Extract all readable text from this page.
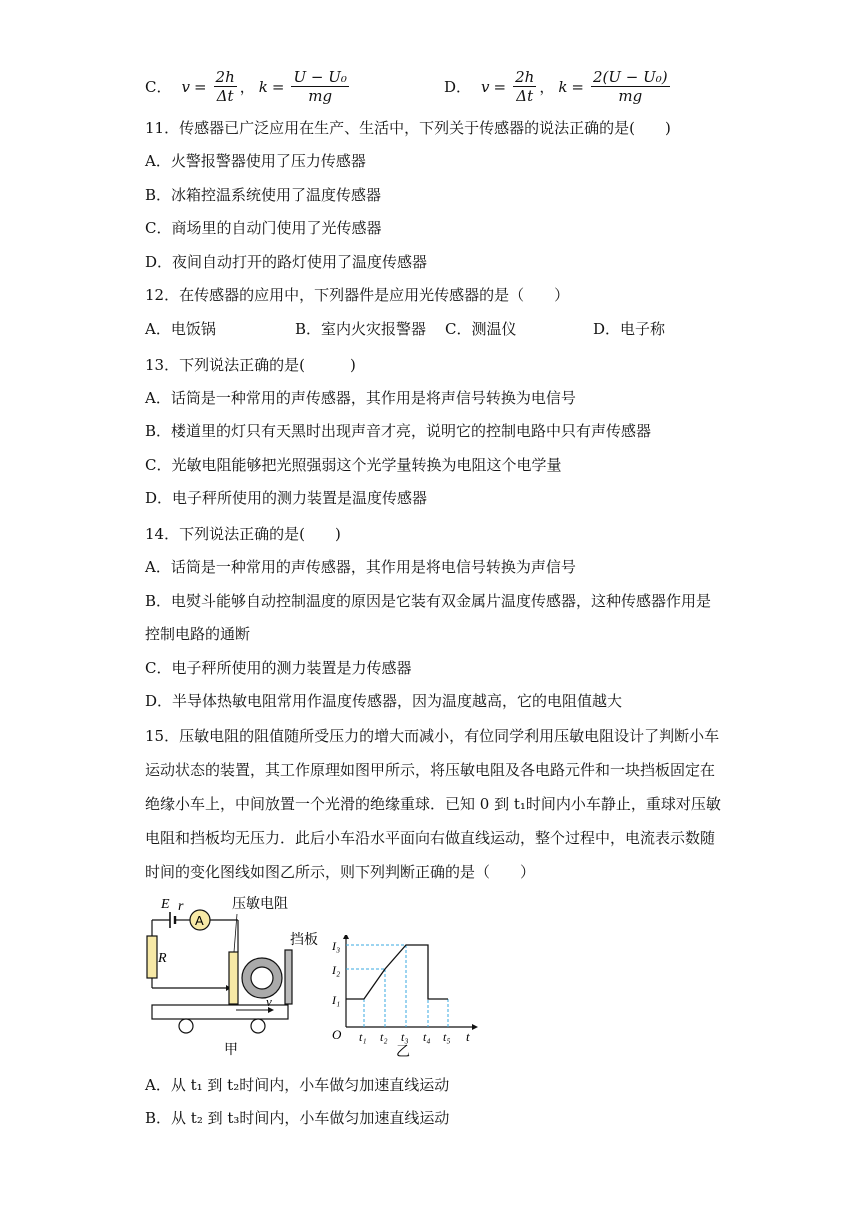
C． $v = \frac{2h}{\Delta t}$ ， $k = \frac{\text{U − U₀}}{mg}$	D． $v = \frac{2h}{\Delta t}$ ， $k = \frac{\text{2(U − U₀)}}{mg}$
11．传感器已广泛应用在生产、生活中，下列关于传感器的说法正确的是(　　)
A．火警报警器使用了压力传感器
B．冰箱控温系统使用了温度传感器
C．商场里的自动门使用了光传感器
D．夜间自动打开的路灯使用了温度传感器
12．在传感器的应用中，下列器件是应用光传感器的是（　　）
A．电饭锅	B．室内火灾报警器 C．测温仪	D．电子称
13．下列说法正确的是(　　　)
A．话筒是一种常用的声传感器，其作用是将声信号转换为电信号
B．楼道里的灯只有天黑时出现声音才亮，说明它的控制电路中只有声传感器
C．光敏电阻能够把光照强弱这个光学量转换为电阻这个电学量
D．电子秤所使用的测力装置是温度传感器
14．下列说法正确的是(　　)
A．话筒是一种常用的声传感器，其作用是将电信号转换为声信号
B．电熨斗能够自动控制温度的原因是它装有双金属片温度传感器，这种传感器作用是
控制电路的通断
C．电子秤所使用的测力装置是力传感器
D．半导体热敏电阻常用作温度传感器，因为温度越高，它的电阻值越大
15．压敏电阻的阻值随所受压力的增大而减小，有位同学利用压敏电阻设计了判断小车
运动状态的装置，其工作原理如图甲所示，将压敏电阻及各电路元件和一块挡板固定在
绝缘小车上，中间放置一个光滑的绝缘重球．已知 0 到 t₁时间内小车静止，重球对压敏
电阻和挡板均无压力．此后小车沿水平面向右做直线运动，整个过程中，电流表示数随
时间的变化图线如图乙所示，则下列判断正确的是（　　）
E r
A
R
压敏电阻
挡板
v
甲
I₁
I₂
I₃
t₁ t₂ t₃ t₄ t₅
O	t
乙
A．从 t₁ 到 t₂时间内，小车做匀加速直线运动
B．从 t₂ 到 t₃时间内，小车做匀加速直线运动
